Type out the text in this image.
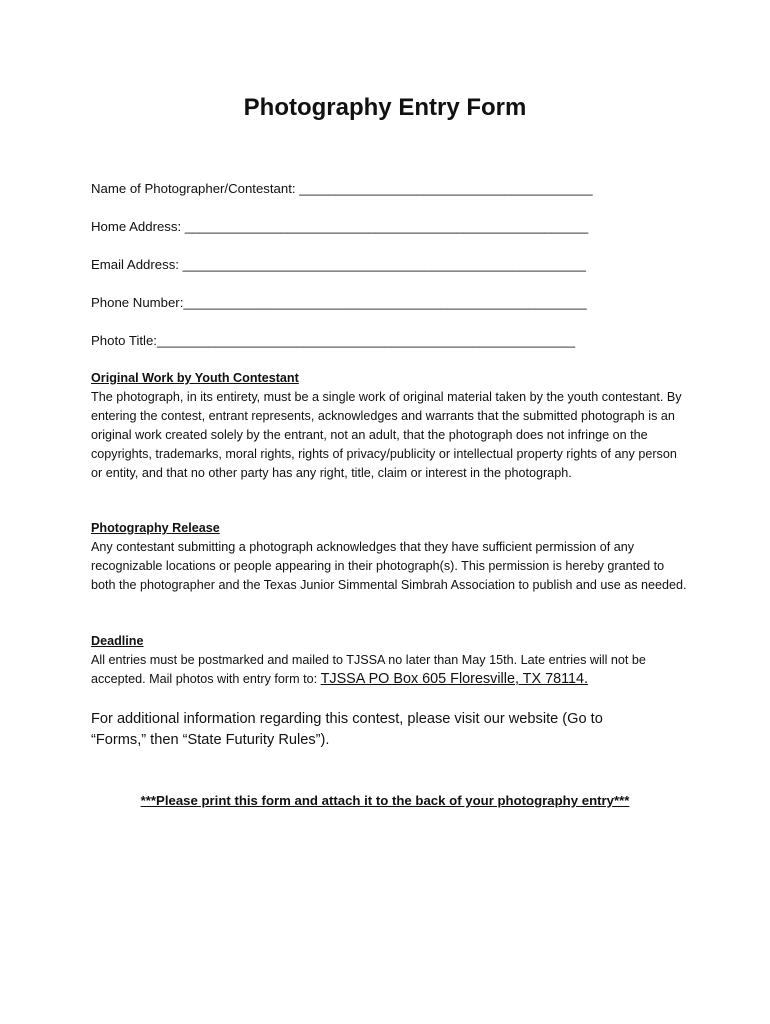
Photography Entry Form
Name of Photographer/Contestant: ________________________________________
Home Address: _______________________________________________________
Email Address: _______________________________________________________
Phone Number:_______________________________________________________
Photo Title:_________________________________________________________
Original Work by Youth Contestant
The photograph, in its entirety, must be a single work of original material taken by the youth contestant. By entering the contest, entrant represents, acknowledges and warrants that the submitted photograph is an original work created solely by the entrant, not an adult, that the photograph does not infringe on the copyrights, trademarks, moral rights, rights of privacy/publicity or intellectual property rights of any person or entity, and that no other party has any right, title, claim or interest in the photograph.
Photography Release
Any contestant submitting a photograph acknowledges that they have sufficient permission of any recognizable locations or people appearing in their photograph(s). This permission is hereby granted to both the photographer and the Texas Junior Simmental Simbrah Association to publish and use as needed.
Deadline
All entries must be postmarked and mailed to TJSSA no later than May 15th. Late entries will not be accepted. Mail photos with entry form to: TJSSA PO Box 605 Floresville, TX 78114.
For additional information regarding this contest, please visit our website (Go to “Forms,” then “State Futurity Rules”).
***Please print this form and attach it to the back of your photography entry***
